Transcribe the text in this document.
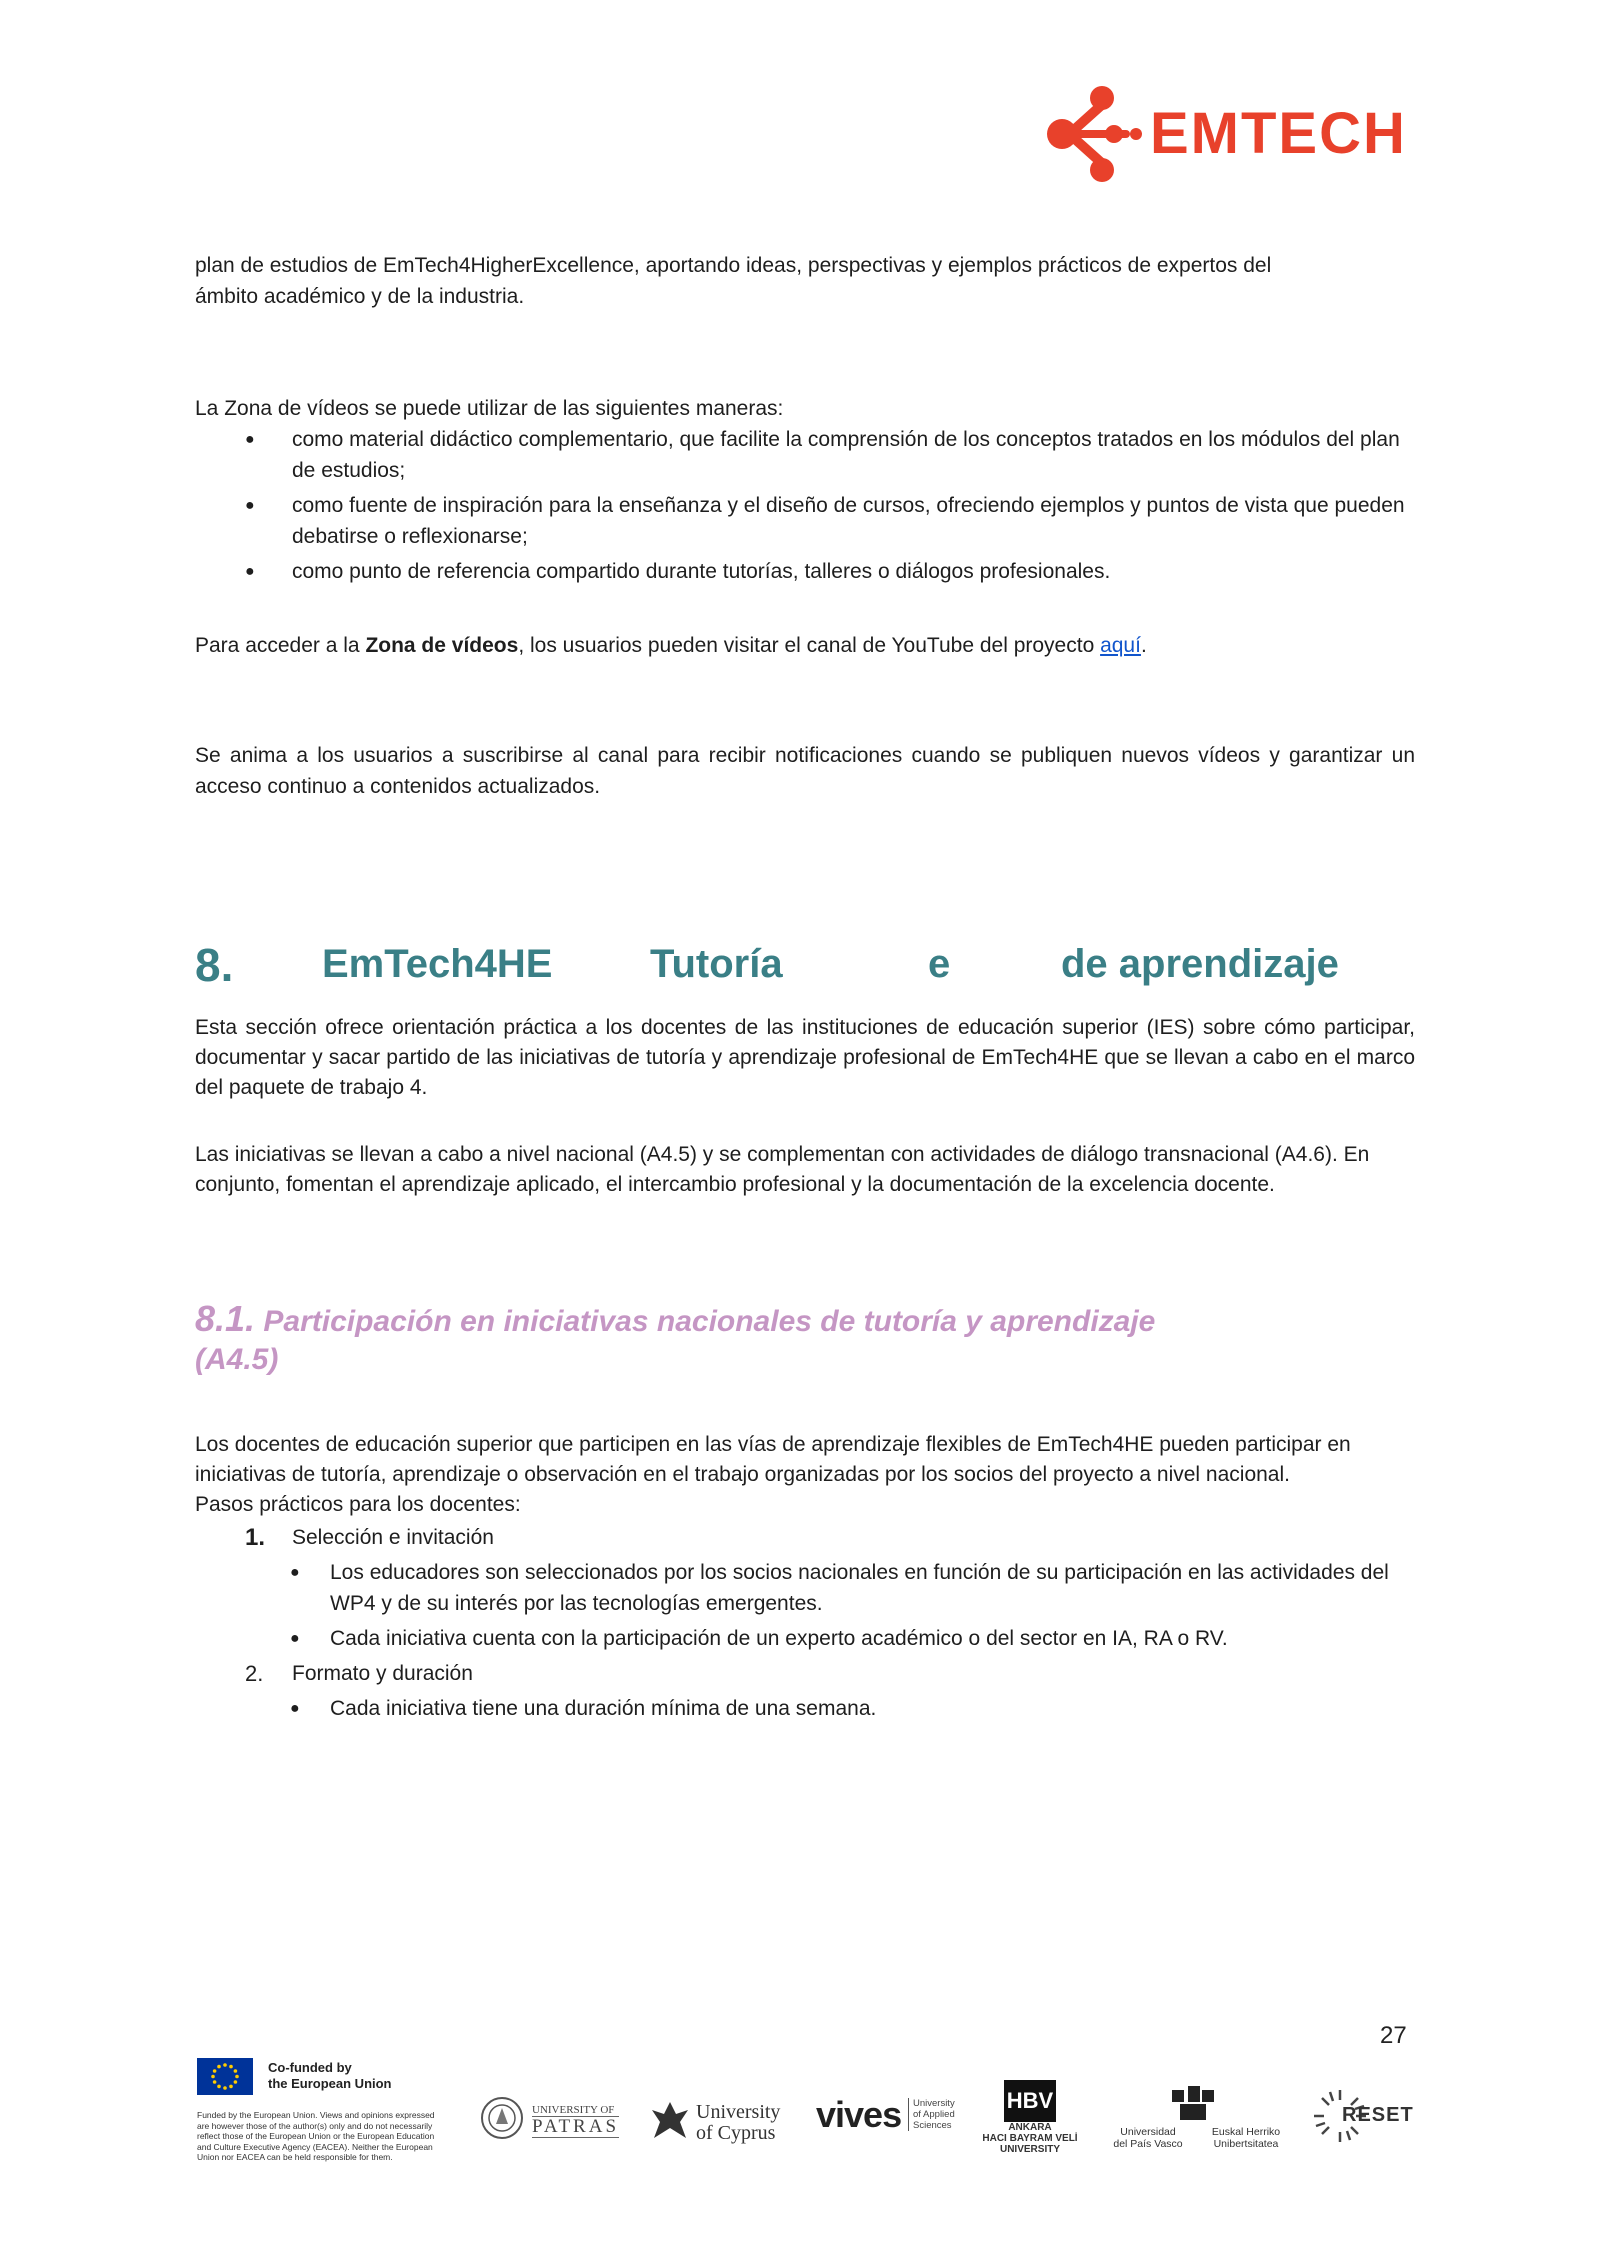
EMTECH
plan de estudios de EmTech4HigherExcellence, aportando ideas, perspectivas y ejemplos prácticos de expertos del
ámbito académico y de la industria.
La Zona de vídeos se puede utilizar de las siguientes maneras:
● como material didáctico complementario, que facilite la comprensión de los conceptos tratados en los módulos del plan de estudios;
● como fuente de inspiración para la enseñanza y el diseño de cursos, ofreciendo ejemplos y puntos de vista que pueden debatirse o reflexionarse;
● como punto de referencia compartido durante tutorías, talleres o diálogos profesionales.
Para acceder a la Zona de vídeos, los usuarios pueden visitar el canal de YouTube del proyecto aquí.
Se anima a los usuarios a suscribirse al canal para recibir notificaciones cuando se publiquen nuevos vídeos y garantizar un acceso continuo a contenidos actualizados.
8. EmTech4HE Tutoría	e	de aprendizaje
Esta sección ofrece orientación práctica a los docentes de las instituciones de educación superior (IES) sobre cómo participar, documentar y sacar partido de las iniciativas de tutoría y aprendizaje profesional de EmTech4HE que se llevan a cabo en el marco del paquete de trabajo 4.
Las iniciativas se llevan a cabo a nivel nacional (A4.5) y se complementan con actividades de diálogo transnacional (A4.6). En conjunto, fomentan el aprendizaje aplicado, el intercambio profesional y la documentación de la excelencia docente.
8.1. Participación en iniciativas nacionales de tutoría y aprendizaje
(A4.5)
Los docentes de educación superior que participen en las vías de aprendizaje flexibles de EmTech4HE pueden participar en iniciativas de tutoría, aprendizaje o observación en el trabajo organizadas por los socios del proyecto a nivel nacional.
Pasos prácticos para los docentes:
1. Selección e invitación
● Los educadores son seleccionados por los socios nacionales en función de su participación en las actividades del WP4 y de su interés por las tecnologías emergentes.
● Cada iniciativa cuenta con la participación de un experto académico o del sector en IA, RA o RV.
2. Formato y duración
● Cada iniciativa tiene una duración mínima de una semana.
27
Co-funded by
the European Union
Funded by the European Union. Views and opinions expressed are however those of the author(s) only and do not necessarily reflect those of the European Union or the European Education and Culture Executive Agency (EACEA). Neither the European Union nor EACEA can be held responsible for them.
UNIVERSITY OF
PATRAS
University
of Cyprus vives University
of Applied
Sciences
HBV
ANKARA
HACI BAYRAM VELİ
UNIVERSITY
Universidad
del País Vasco
Euskal Herriko
Unibertsitatea
RESET
